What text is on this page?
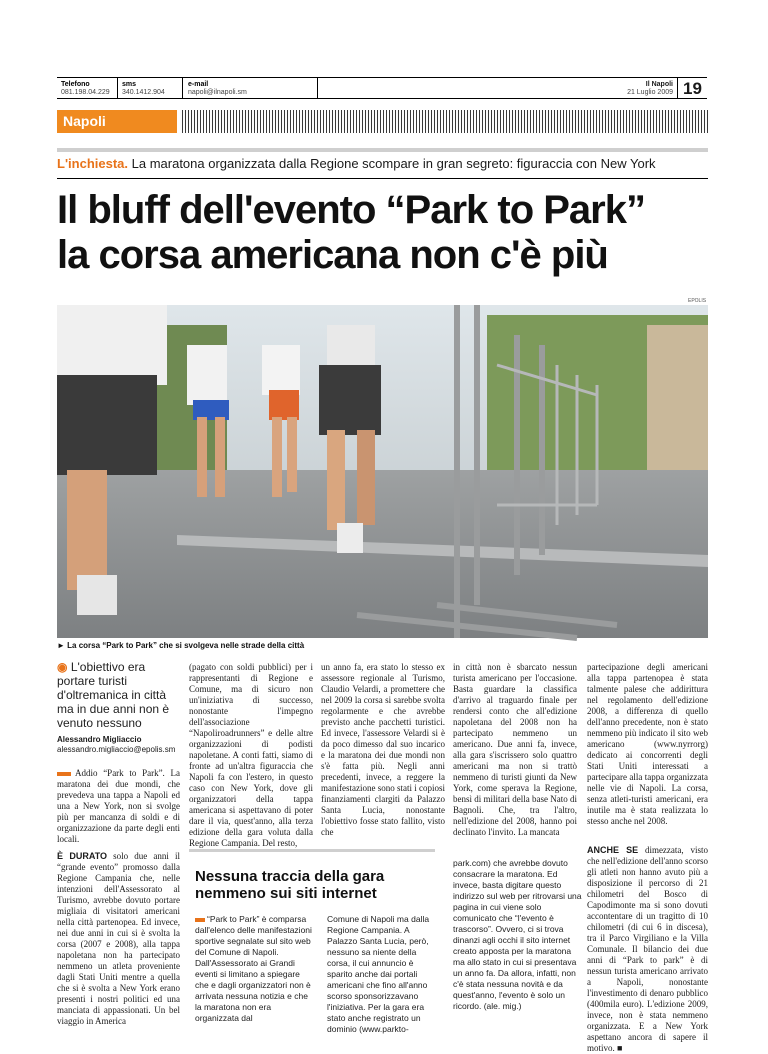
Telefono
081.198.04.229
sms
340.1412.904
e-mail
napoli@ilnapoli.sm
Il Napoli
21 Luglio 2009 19
Napoli
L'inchiesta. La maratona organizzata dalla Regione scompare in gran segreto: figuraccia con New York
Il bluff dell'evento “Park to Park”
la corsa americana non c'è più
EPOLIS
► La corsa “Park to Park” che si svolgeva nelle strade della città
◉ L'obiettivo era portare turisti d'oltremanica in città ma in due anni non è venuto nessuno
Alessandro Migliaccio
alessandro.migliaccio@epolis.sm

Addio “Park to Park”. La maratona dei due mondi, che prevedeva una tappa a Napoli ed una a New York, non si svolge più per mancanza di soldi e di organizzazione da parte degli enti locali.

È DURATO solo due anni il “grande evento” promosso dalla Regione Campania che, nelle intenzioni dell'Assessorato al Turismo, avrebbe dovuto portare migliaia di visitatori americani nella città partenopea. Ed invece, nei due anni in cui si è svolta la corsa (2007 e 2008), alla tappa napoletana non ha partecipato nemmeno un atleta proveniente dagli Stati Uniti mentre a quella che si è svolta a New York erano presenti i nostri politici ed una manciata di appassionati. Un bel viaggio in America

(pagato con soldi pubblici) per i rappresentanti di Regione e Comune, ma di sicuro non un'iniziativa di successo, nonostante l'impegno dell'associazione “Napoliroadrunners” e delle altre organizzazioni di podisti napoletane. A conti fatti, siamo di fronte ad un'altra figuraccia che Napoli fa con l'estero, in questo caso con New York, dove gli organizzatori della tappa americana si aspettavano di poter dare il via, quest'anno, alla terza edizione della gara voluta dalla Regione Campania. Del resto,

un anno fa, era stato lo stesso ex assessore regionale al Turismo, Claudio Velardi, a promettere che nel 2009 la corsa si sarebbe svolta regolarmente e che avrebbe previsto anche pacchetti turistici. Ed invece, l'assessore Velardi si è da poco dimesso dal suo incarico e la maratona dei due mondi non s'è fatta più. Negli anni precedenti, invece, a reggere la manifestazione sono stati i copiosi finanziamenti clargiti da Palazzo Santa Lucia, nonostante l'obiettivo fosse stato fallito, visto che

in città non è sbarcato nessun turista americano per l'occasione. Basta guardare la classifica d'arrivo al traguardo finale per rendersi conto che all'edizione napoletana del 2008 non ha partecipato nemmeno un americano. Due anni fa, invece, alla gara s'iscrissero solo quattro americani ma non si trattò nemmeno di turisti giunti da New York, come sperava la Regione, bensì di militari della base Nato di Bagnoli. Che, tra l'altro, nell'edizione del 2008, hanno poi declinato l'invito. La mancata

partecipazione degli americani alla tappa partenopea è stata talmente palese che addirittura nel regolamento dell'edizione 2008, a differenza di quello dell'anno precedente, non è stato nemmeno più indicato il sito web americano (www.nyrrorg) dedicato ai concorrenti degli Stati Uniti interessati a partecipare alla tappa organizzata nelle vie di Napoli. La corsa, senza atleti-turisti americani, era inutile ma è stata realizzata lo stesso anche nel 2008.

ANCHE SE dimezzata, visto che nell'edizione dell'anno scorso gli atleti non hanno avuto più a disposizione il percorso di 21 chilometri del Bosco di Capodimonte ma si sono dovuti accontentare di un tragitto di 10 chilometri (di cui 6 in discesa), tra il Parco Virgiliano e la Villa Comunale. Il bilancio dei due anni di “Park to park” è di nessun turista americano arrivato a Napoli, nonostante l'investimento di denaro pubblico (400mila euro). L'edizione 2009, invece, non è stata nemmeno organizzata. E a New York aspettano ancora di sapere il motivo. ■

Nessuna traccia della gara nemmeno sui siti internet
“Park to Park” è comparsa dall'elenco delle manifestazioni sportive segnalate sul sito web del Comune di Napoli. Dall'Assessorato ai Grandi eventi si limitano a spiegare che e dagli organizzatori non è arrivata nessuna notizia e che la maratona non era organizzata dal
Comune di Napoli ma dalla Regione Campania. A Palazzo Santa Lucia, però, nessuno sa niente della corsa, il cui annuncio è sparito anche dai portali americani che fino all'anno scorso sponsorizzavano l'iniziativa. Per la gara era stato anche registrato un dominio (www.parkto-
park.com) che avrebbe dovuto consacrare la maratona. Ed invece, basta digitare questo indirizzo sul web per ritrovarsi una pagina in cui viene solo comunicato che “l'evento è trascorso”. Ovvero, ci si trova dinanzi agli occhi il sito internet creato apposta per la maratona ma allo stato in cui si presentava un anno fa. Da allora, infatti, non c'è stata nessuna novità e da quest'anno, l'evento è solo un ricordo. (ale. mig.)
